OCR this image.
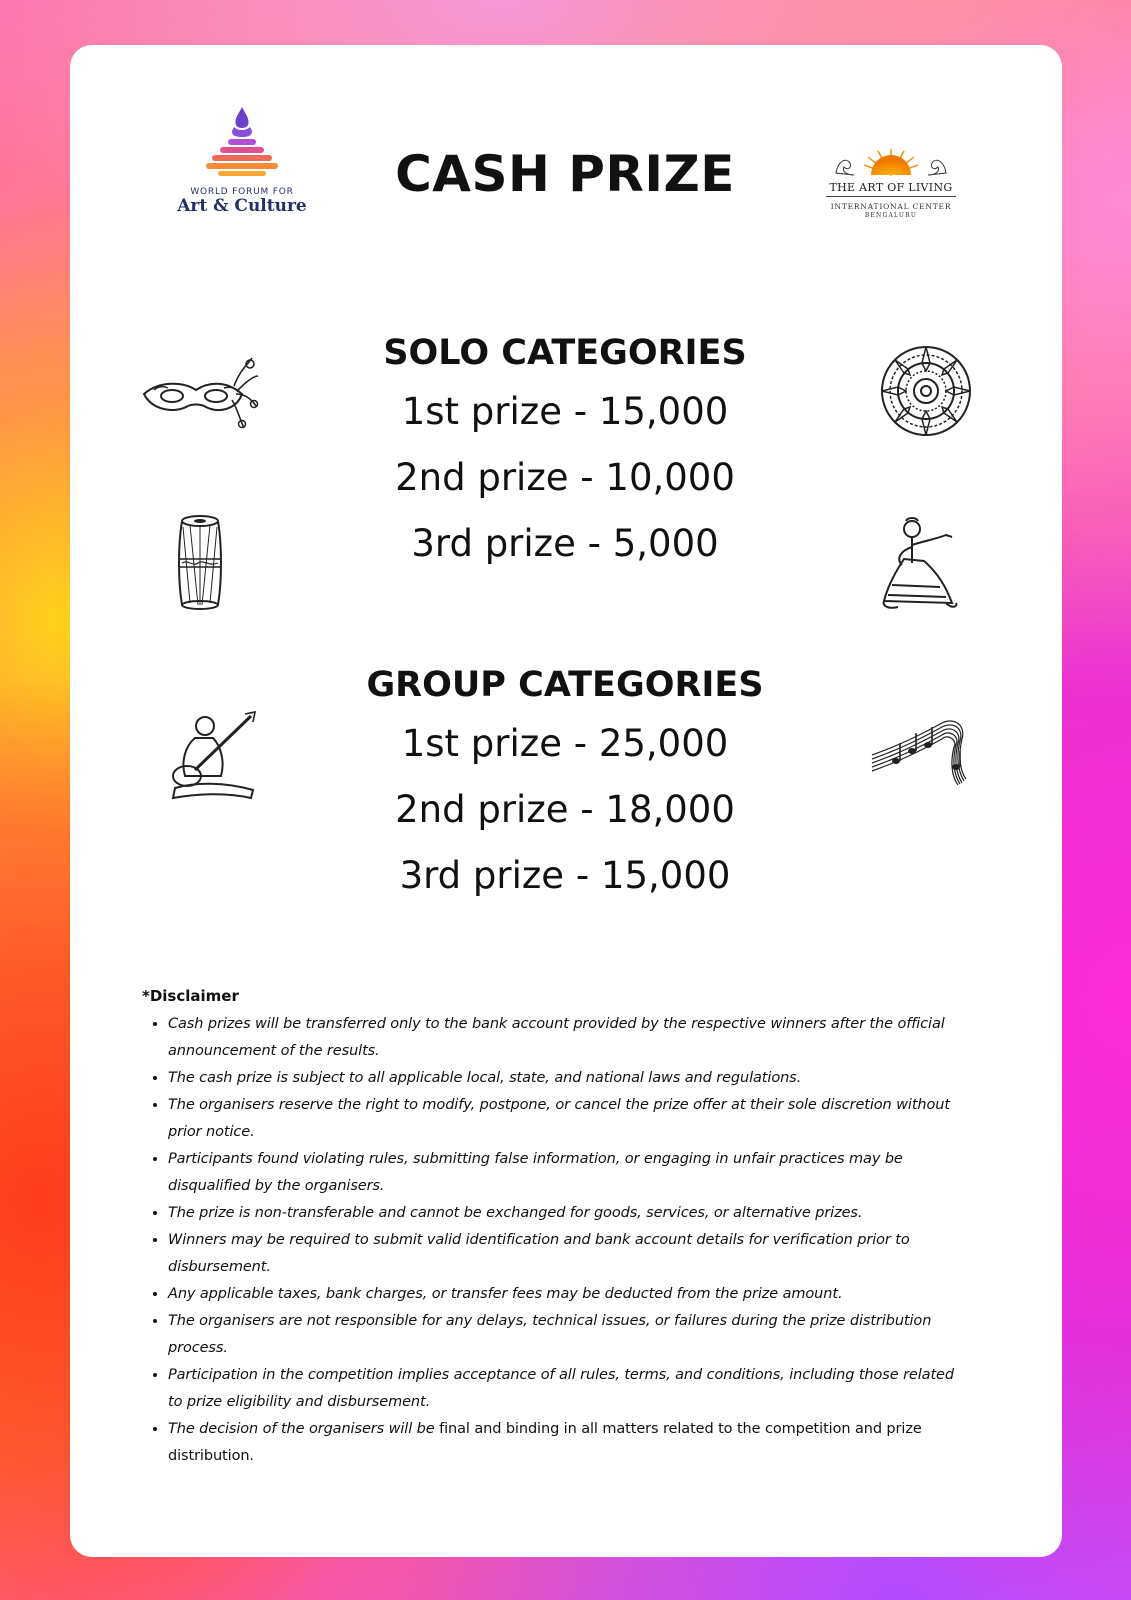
WORLD FORUM FOR
Art & Culture
CASH PRIZE	THE ART OF LIVING
INTERNATIONAL CENTER
BENGALURU
SOLO CATEGORIES
1st prize - 15,000
2nd prize - 10,000
3rd prize - 5,000
GROUP CATEGORIES
1st prize - 25,000
2nd prize - 18,000
3rd prize - 15,000
*Disclaimer
• Cash prizes will be transferred only to the bank account provided by the respective winners after the official announcement of the results.
• The cash prize is subject to all applicable local, state, and national laws and regulations.
• The organisers reserve the right to modify, postpone, or cancel the prize offer at their sole discretion without prior notice.
• Participants found violating rules, submitting false information, or engaging in unfair practices may be disqualified by the organisers.
• The prize is non-transferable and cannot be exchanged for goods, services, or alternative prizes.
• Winners may be required to submit valid identification and bank account details for verification prior to disbursement.
• Any applicable taxes, bank charges, or transfer fees may be deducted from the prize amount.
• The organisers are not responsible for any delays, technical issues, or failures during the prize distribution process.
• Participation in the competition implies acceptance of all rules, terms, and conditions, including those related to prize eligibility and disbursement.
• The decision of the organisers will be final and binding in all matters related to the competition and prize distribution.
